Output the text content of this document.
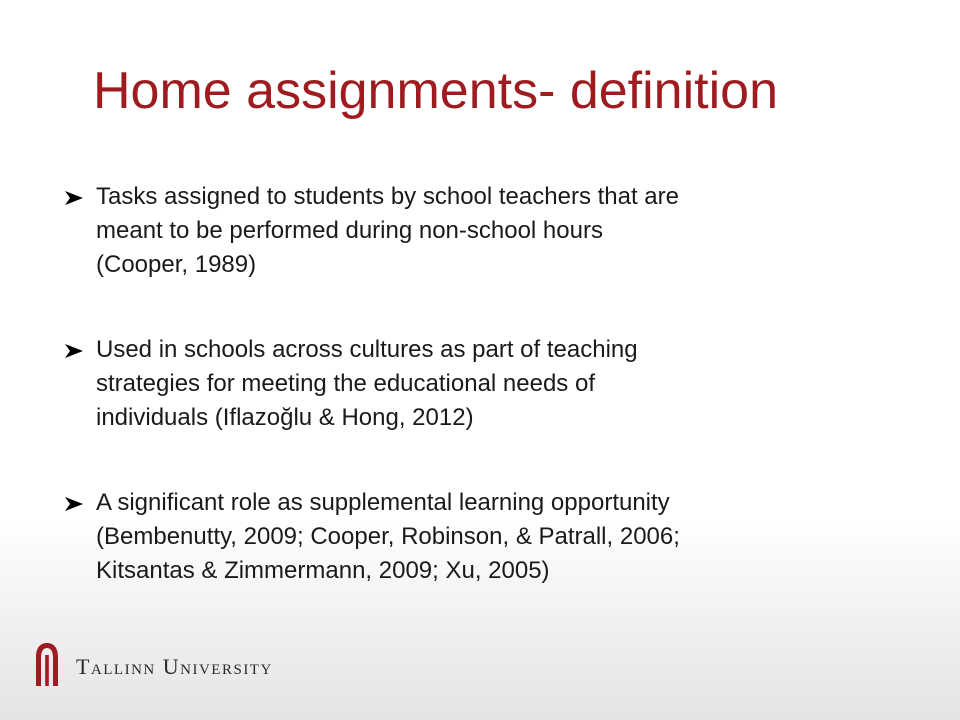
Home assignments- definition
Tasks assigned to students by school teachers that are
meant to be performed during non-school hours
(Cooper, 1989)
Used in schools across cultures as part of teaching
strategies for meeting the educational needs of
individuals (Iflazoğlu & Hong, 2012)
A significant role as supplemental learning opportunity
(Bembenutty, 2009; Cooper, Robinson, & Patrall, 2006;
Kitsantas & Zimmermann, 2009; Xu, 2005)
Tallinn University
